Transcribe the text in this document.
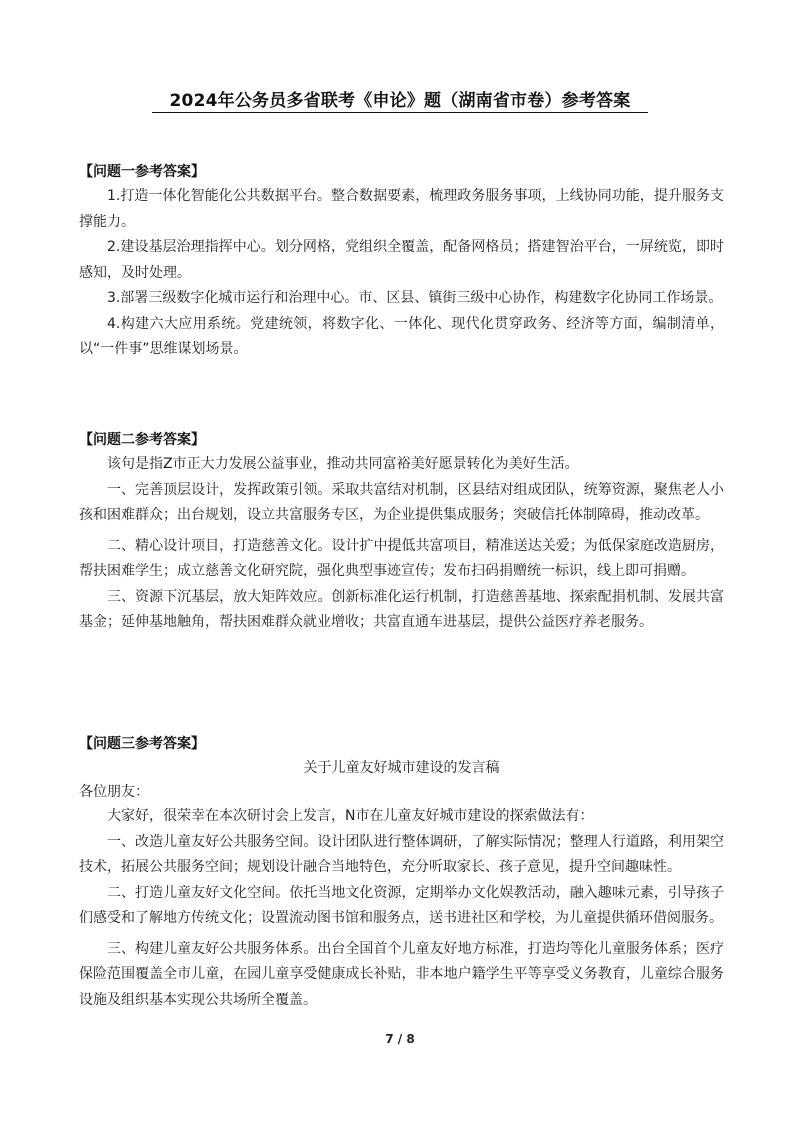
2024年公务员多省联考《申论》题（湖南省市卷）参考答案
【问题一参考答案】

1.打造一体化智能化公共数据平台。整合数据要素，梳理政务服务事项，上线协同功能，提升服务支撑能力。

2.建设基层治理指挥中心。划分网格，党组织全覆盖，配备网格员；搭建智治平台，一屏统览，即时感知，及时处理。

3.部署三级数字化城市运行和治理中心。市、区县、镇街三级中心协作，构建数字化协同工作场景。

4.构建六大应用系统。党建统领，将数字化、一体化、现代化贯穿政务、经济等方面，编制清单，以“一件事”思维谋划场景。

【问题二参考答案】

该句是指Z市正大力发展公益事业，推动共同富裕美好愿景转化为美好生活。

一、完善顶层设计，发挥政策引领。采取共富结对机制，区县结对组成团队，统筹资源，聚焦老人小孩和困难群众；出台规划，设立共富服务专区，为企业提供集成服务；突破信托体制障碍，推动改革。

二、精心设计项目，打造慈善文化。设计扩中提低共富项目，精准送达关爱；为低保家庭改造厨房，帮扶困难学生；成立慈善文化研究院，强化典型事迹宣传；发布扫码捐赠统一标识，线上即可捐赠。

三、资源下沉基层，放大矩阵效应。创新标准化运行机制，打造慈善基地、探索配捐机制、发展共富基金；延伸基地触角，帮扶困难群众就业增收；共富直通车进基层，提供公益医疗养老服务。

【问题三参考答案】
关于儿童友好城市建设的发言稿
各位朋友：

大家好，很荣幸在本次研讨会上发言，N市在儿童友好城市建设的探索做法有：

一、改造儿童友好公共服务空间。设计团队进行整体调研，了解实际情况；整理人行道路，利用架空技术，拓展公共服务空间；规划设计融合当地特色，充分听取家长、孩子意见，提升空间趣味性。

二、打造儿童友好文化空间。依托当地文化资源，定期举办文化娱教活动，融入趣味元素，引导孩子们感受和了解地方传统文化；设置流动图书馆和服务点，送书进社区和学校，为儿童提供循环借阅服务。

三、构建儿童友好公共服务体系。出台全国首个儿童友好地方标准，打造均等化儿童服务体系；医疗保险范围覆盖全市儿童，在园儿童享受健康成长补贴，非本地户籍学生平等享受义务教育，儿童综合服务设施及组织基本实现公共场所全覆盖。

7 / 8
